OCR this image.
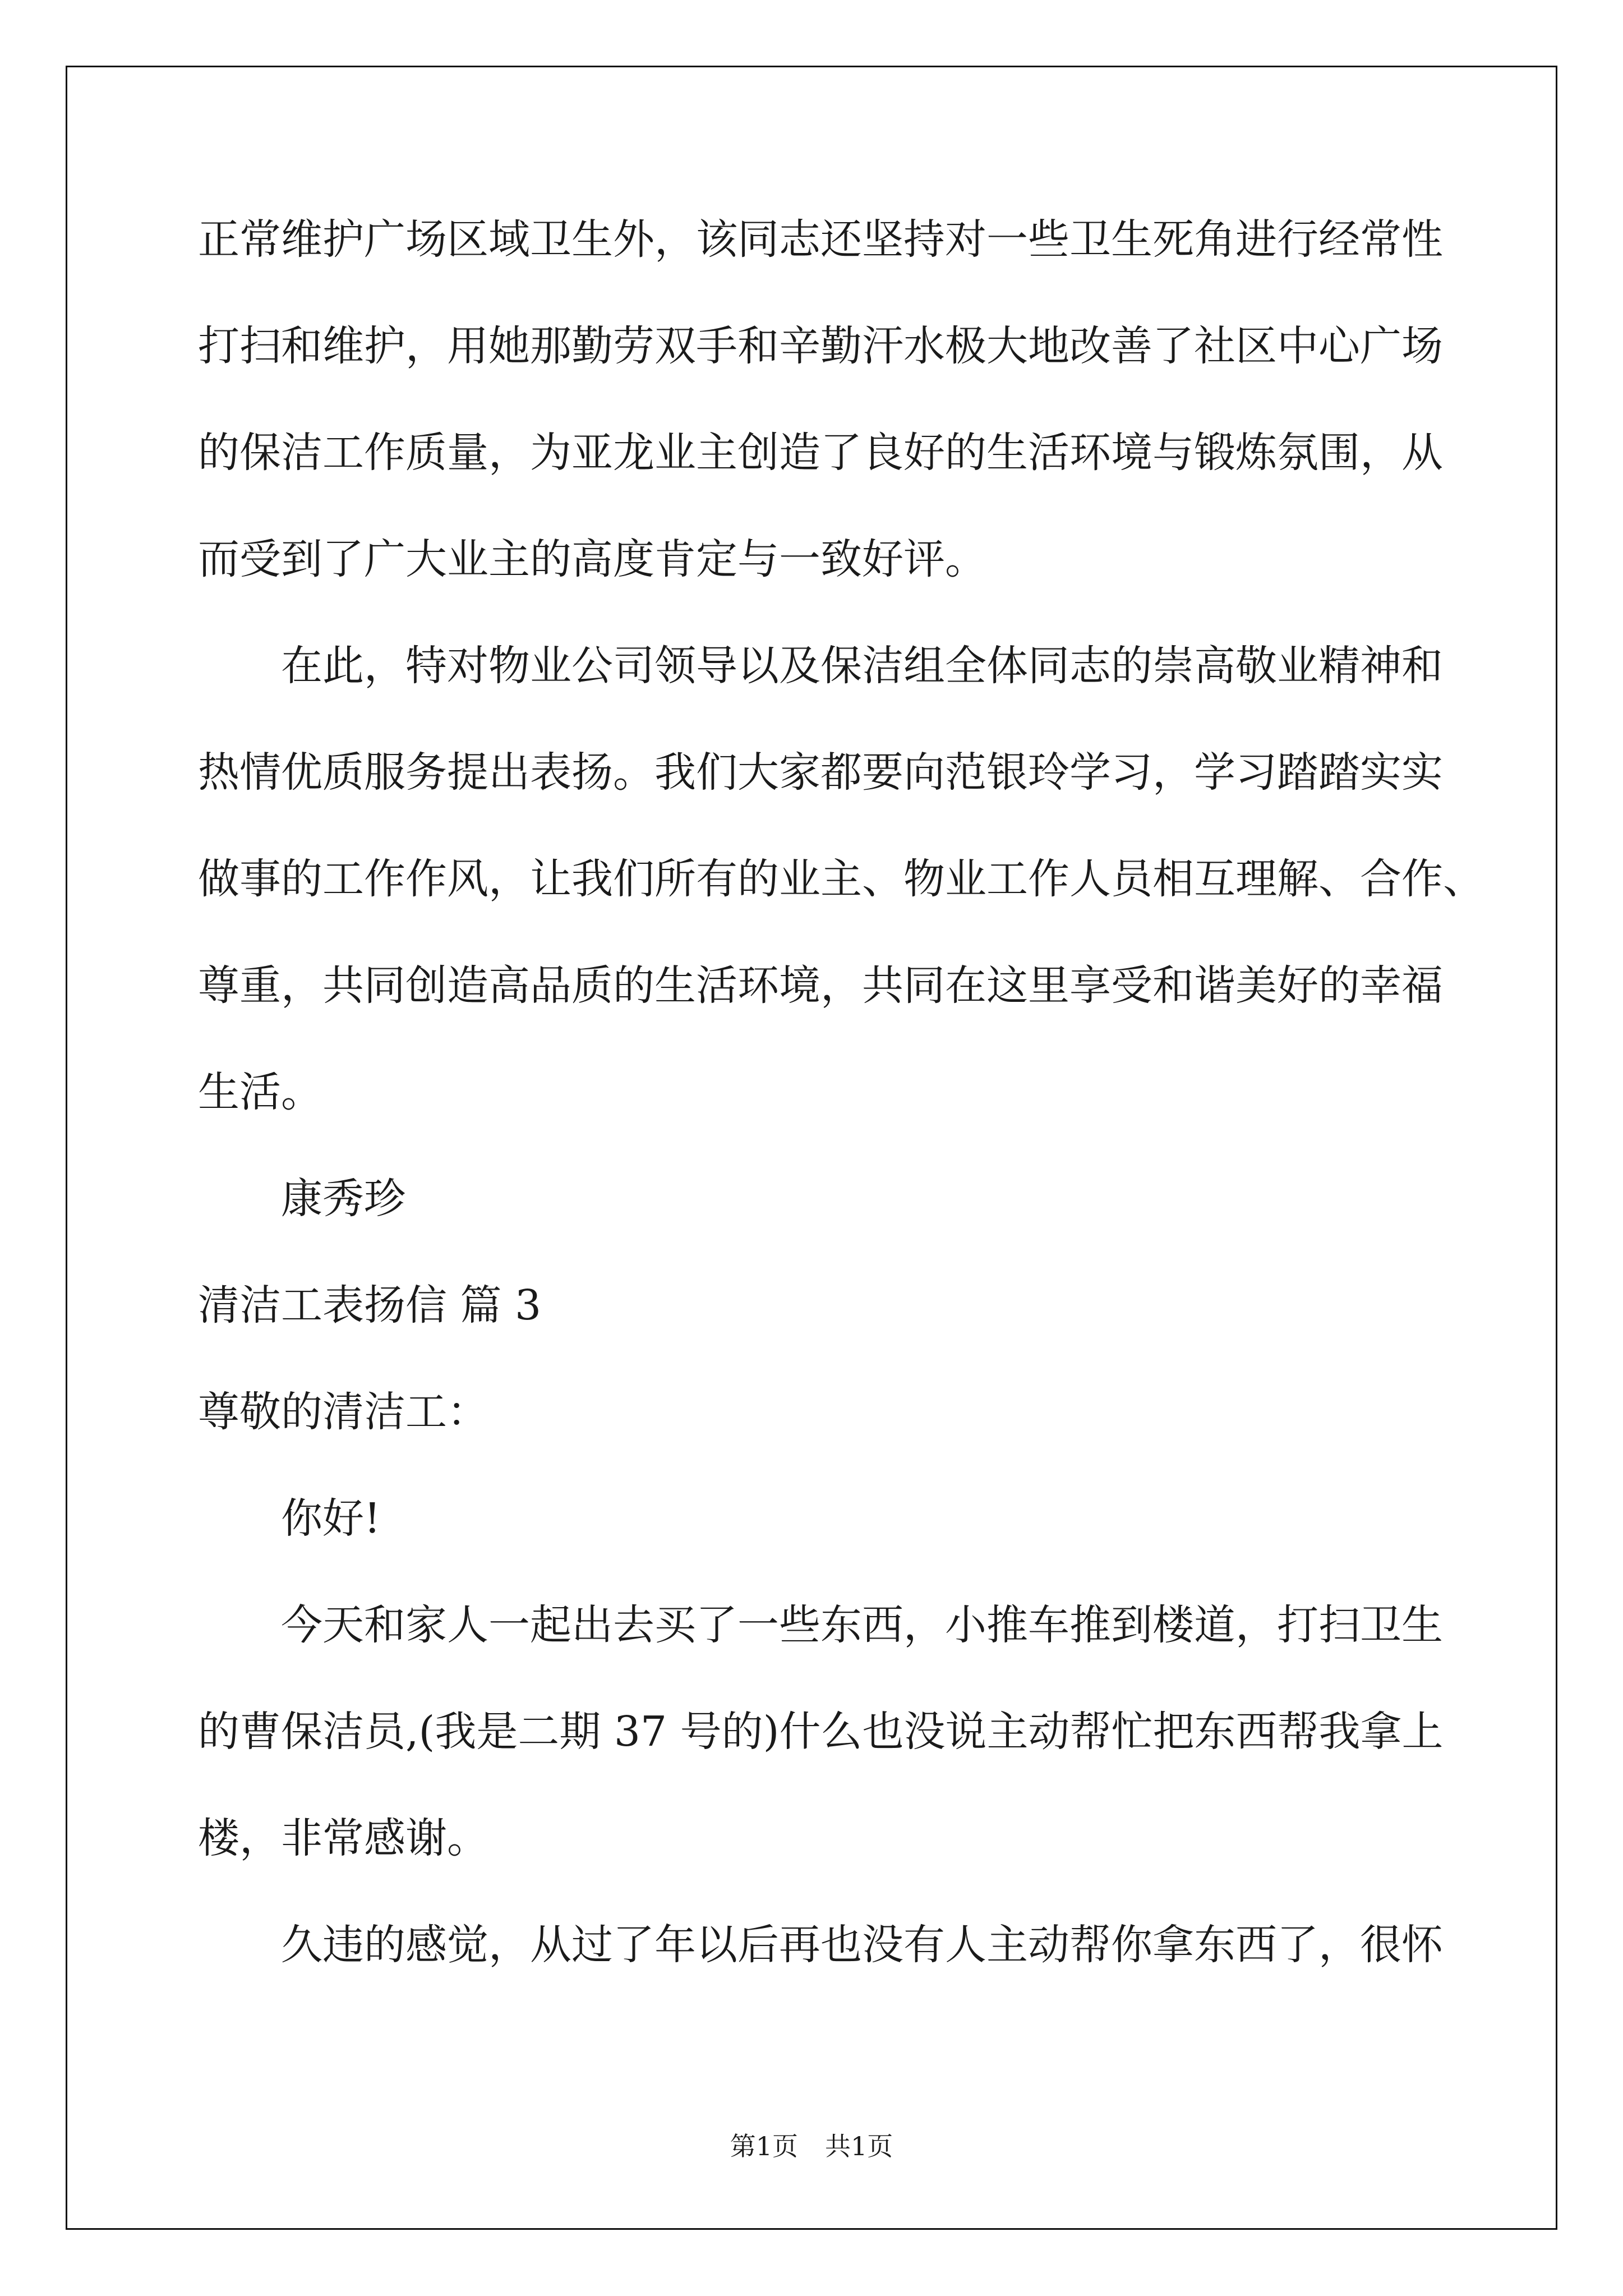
正常维护广场区域卫生外，该同志还坚持对一些卫生死角进行经常性
打扫和维护，用她那勤劳双手和辛勤汗水极大地改善了社区中心广场
的保洁工作质量，为亚龙业主创造了良好的生活环境与锻炼氛围，从
而受到了广大业主的高度肯定与一致好评。
在此，特对物业公司领导以及保洁组全体同志的崇高敬业精神和
热情优质服务提出表扬。我们大家都要向范银玲学习，学习踏踏实实
做事的工作作风，让我们所有的业主、物业工作人员相互理解、合作、
尊重，共同创造高品质的生活环境，共同在这里享受和谐美好的幸福
生活。
康秀珍
清洁工表扬信 篇 3
尊敬的清洁工：
你好!
今天和家人一起出去买了一些东西，小推车推到楼道，打扫卫生
的曹保洁员,(我是二期 37 号的)什么也没说主动帮忙把东西帮我拿上
楼，非常感谢。
久违的感觉，从过了年以后再也没有人主动帮你拿东西了，很怀
第1页 共1页
